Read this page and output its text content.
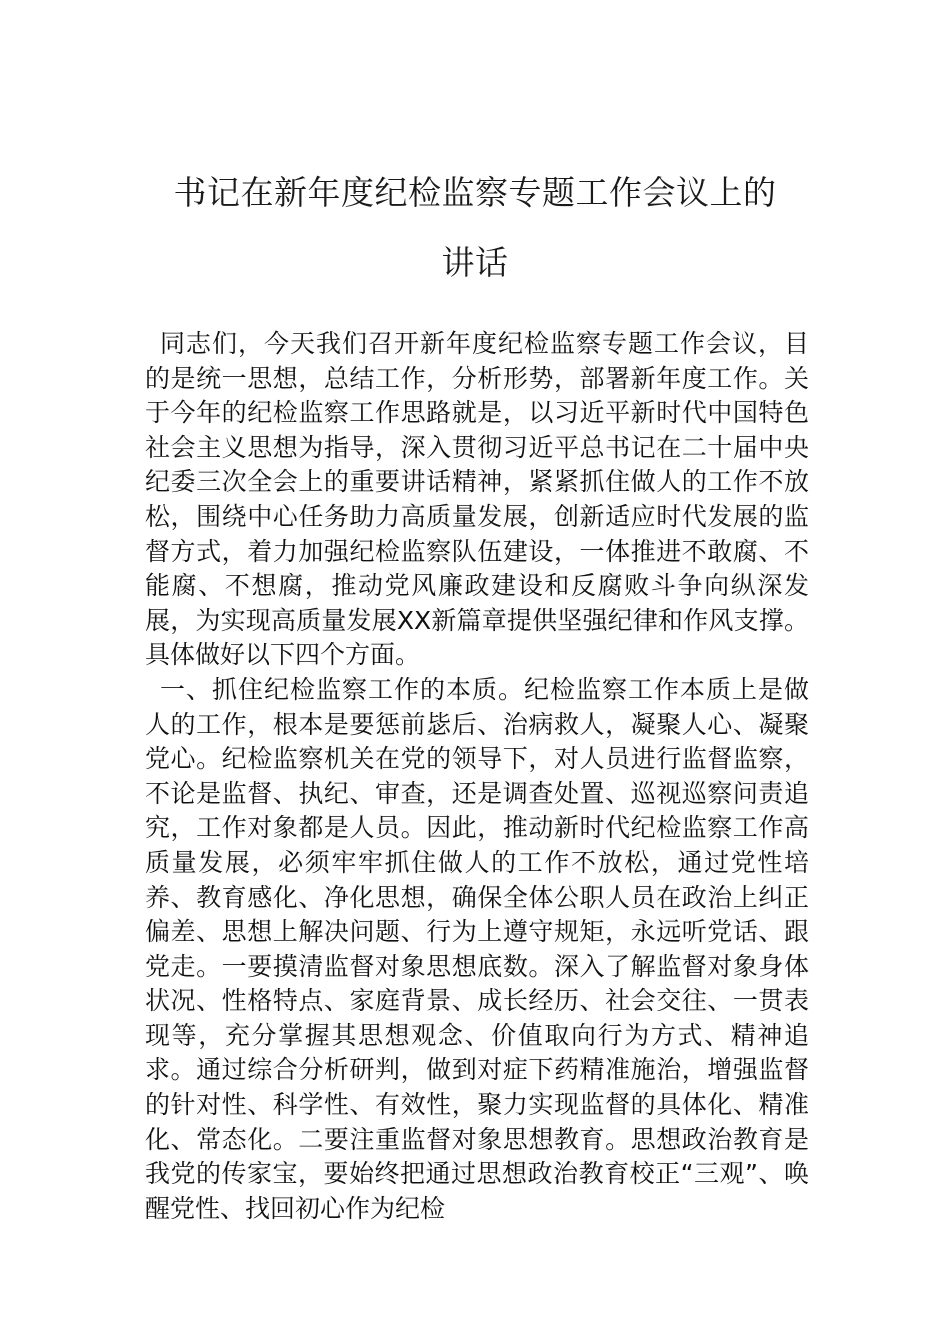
书记在新年度纪检监察专题工作会议上的
讲话

同志们，今天我们召开新年度纪检监察专题工作会议，目的是统一思想，总结工作，分析形势，部署新年度工作。关于今年的纪检监察工作思路就是，以习近平新时代中国特色社会主义思想为指导，深入贯彻习近平总书记在二十届中央纪委三次全会上的重要讲话精神，紧紧抓住做人的工作不放松，围绕中心任务助力高质量发展，创新适应时代发展的监督方式，着力加强纪检监察队伍建设，一体推进不敢腐、不能腐、不想腐，推动党风廉政建设和反腐败斗争向纵深发展，为实现高质量发展XX新篇章提供坚强纪律和作风支撑。具体做好以下四个方面。

一、抓住纪检监察工作的本质。纪检监察工作本质上是做人的工作，根本是要惩前毖后、治病救人，凝聚人心、凝聚党心。纪检监察机关在党的领导下，对人员进行监督监察，不论是监督、执纪、审查，还是调查处置、巡视巡察问责追究，工作对象都是人员。因此，推动新时代纪检监察工作高质量发展，必须牢牢抓住做人的工作不放松，通过党性培养、教育感化、净化思想，确保全体公职人员在政治上纠正偏差、思想上解决问题、行为上遵守规矩，永远听党话、跟党走。一要摸清监督对象思想底数。深入了解监督对象身体状况、性格特点、家庭背景、成长经历、社会交往、一贯表现等，充分掌握其思想观念、价值取向行为方式、精神追求。通过综合分析研判，做到对症下药精准施治，增强监督的针对性、科学性、有效性，聚力实现监督的具体化、精准化、常态化。二要注重监督对象思想教育。思想政治教育是我党的传家宝，要始终把通过思想政治教育校正“三观”、唤醒党性、找回初心作为纪检
